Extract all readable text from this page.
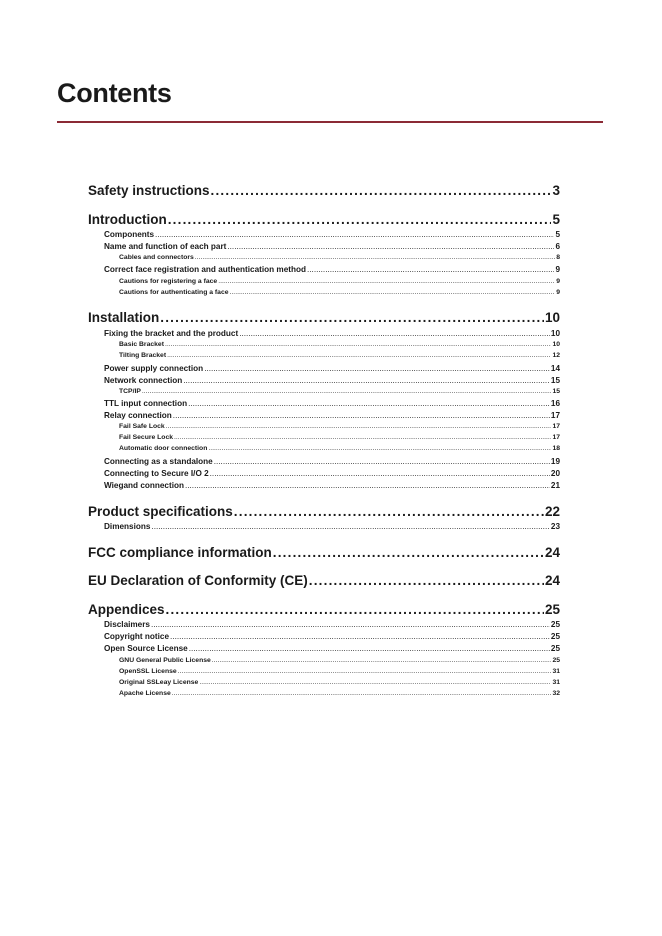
Contents
Safety instructions .....	3
Introduction .....	5
Components .....	5
Name and function of each part .....	6
Cables and connectors .....	8
Correct face registration and authentication method .....	9
Cautions for registering a face .....	9
Cautions for authenticating a face .....	9
Installation .....	10
Fixing the bracket and the product .....	10
Basic Bracket .....	10
Tilting Bracket .....	12
Power supply connection .....	14
Network connection .....	15
TCP/IP .....	15
TTL input connection .....	16
Relay connection .....	17
Fail Safe Lock .....	17
Fail Secure Lock .....	17
Automatic door connection .....	18
Connecting as a standalone .....	19
Connecting to Secure I/O 2 .....	20
Wiegand connection .....	21
Product specifications .....	22
Dimensions .....	23
FCC compliance information .....	24
EU Declaration of Conformity (CE) .....	24
Appendices .....	25
Disclaimers .....	25
Copyright notice .....	25
Open Source License .....	25
GNU General Public License .....	25
OpenSSL License .....	31
Original SSLeay License .....	31
Apache License .....	32
